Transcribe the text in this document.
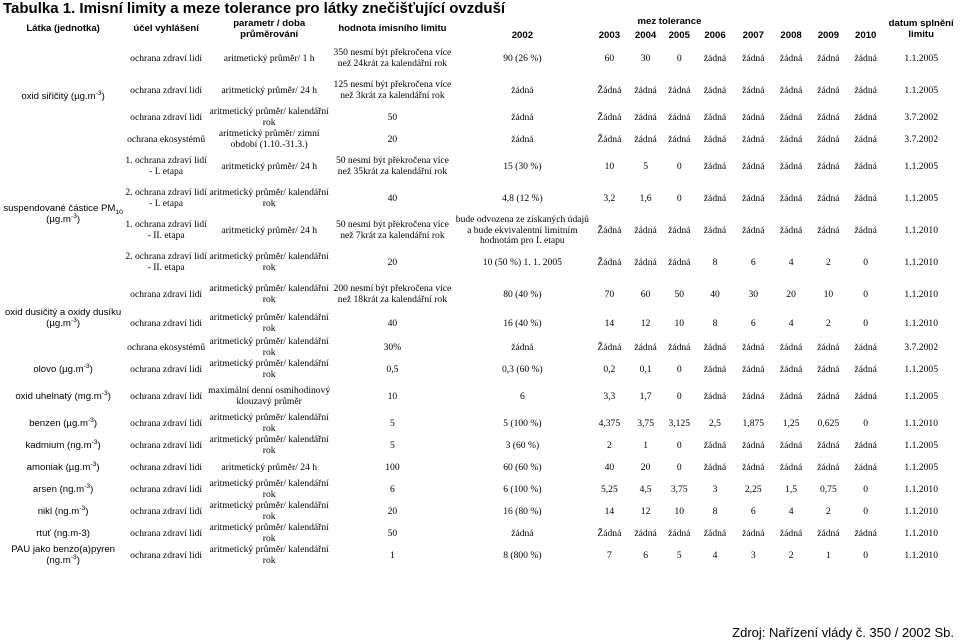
Tabulka 1. Imisní limity a meze tolerance pro látky znečišťující ovzduší
Látka (jednotka)	účel vyhlášení	parametr / doba
průměrování	hodnota imisního limitu	mez tolerance									datum splnění
limitu
				2002	2003	2004	2005	2006	2007	2008	2009	2010	
oxid siřičitý $(\mu g.m^{-3})$	ochrana zdraví lidí	aritmetický průměr/ 1 h	350 nesmí být překročena více než 24krát za kalendářní rok	90 (26 %)	60	30	0	žádná	žádná	žádná	žádná	žádná	1.1.2005
	ochrana zdraví lidí	aritmetický průměr/ 24 h	125 nesmí být překročena více než 3krát za kalendářní rok	žádná	Žádná	žádná	žádná	žádná	žádná	žádná	žádná	žádná	1.1.2005
	ochrana zdraví lidí	aritmetický průměr/ kalendářní rok	50	žádná	Žádná	žádná	žádná	žádná	žádná	žádná	žádná	žádná	3.7.2002
	ochrana ekosystémů	aritmetický průměr/ zimní období (1.10.-31.3.)	20	žádná	Žádná	žádná	žádná	žádná	žádná	žádná	žádná	žádná	3.7.2002
suspendované částice $PM_{10}$ $(\mu g.m^{-3})$	1. ochrana zdraví lidí - I. etapa	aritmetický průměr/ 24 h	50 nesmí být překročena více než 35krát za kalendářní rok	15 (30 %)	10	5	0	žádná	žádná	žádná	žádná	žádná	1.1.2005
	2. ochrana zdraví lidí - I. etapa	aritmetický průměr/ kalendářní rok	40	4,8 (12 %)	3,2	1,6	0	žádná	žádná	žádná	žádná	žádná	1.1.2005
	1. ochrana zdraví lidí - II. etapa	aritmetický průměr/ 24 h	50 nesmí být překročena více než 7krát za kalendářní rok	bude odvozena ze získaných údajů a bude ekvivalentní limitním hodnotám pro I. etapu	Žádná	žádná	žádná	žádná	žádná	žádná	žádná	žádná	1.1.2010
	2. ochrana zdraví lidí - II. etapa	aritmetický průměr/ kalendářní rok	20	10 (50 %) 1. 1. 2005	Žádná	žádná	žádná	8	6	4	2	0	1.1.2010
oxid dusičitý a oxidy dusíku $(\mu g.m^{-3})$	ochrana zdraví lidí	aritmetický průměr/ kalendářní rok	200 nesmí být překročena více než 18krát za kalendářní rok	80 (40 %)	70	60	50	40	30	20	10	0	1.1.2010
	ochrana zdraví lidí	aritmetický průměr/ kalendářní rok	40	16 (40 %)	14	12	10	8	6	4	2	0	1.1.2010
	ochrana ekosystémů	aritmetický průměr/ kalendářní rok	30%	žádná	Žádná	žádná	žádná	žádná	žádná	žádná	žádná	žádná	3.7.2002
olovo $(\mu g.m^{-3})$	ochrana zdraví lidí	aritmetický průměr/ kalendářní rok	0,5	0,3 (60 %)	0,2	0,1	0	žádná	žádná	žádná	žádná	žádná	1.1.2005
oxid uhelnatý $(mg.m^{-3})$	ochrana zdraví lidí	maximální denní osmihodinový klouzavý průměr	10	6	3,3	1,7	0	žádná	žádná	žádná	žádná	žádná	1.1.2005
benzen $(\mu g.m^{-3})$	ochrana zdraví lidí	aritmetický průměr/ kalendářní rok	5	5 (100 %)	4,375	3,75	3,125	2,5	1,875	1,25	0,625	0	1.1.2010
kadmium $(ng.m^{-3})$	ochrana zdraví lidí	aritmetický průměr/ kalendářní rok	5	3 (60 %)	2	1	0	žádná	žádná	žádná	žádná	žádná	1.1.2005
amoniak $(\mu g.m^{-3})$	ochrana zdraví lidí	aritmetický průměr/ 24 h	100	60 (60 %)	40	20	0	žádná	žádná	žádná	žádná	žádná	1.1.2005
arsen $(ng.m^{-3})$	ochrana zdraví lidí	aritmetický průměr/ kalendářní rok	6	6 (100 %)	5,25	4,5	3,75	3	2,25	1,5	0,75	0	1.1.2010
nikl $(ng.m^{-3})$	ochrana zdraví lidí	aritmetický průměr/ kalendářní rok	20	16 (80 %)	14	12	10	8	6	4	2	0	1.1.2010
rtuť (ng.m-3)	ochrana zdraví lidí	aritmetický průměr/ kalendářní rok	50	žádná	Žádná	žádná	žádná	žádná	žádná	žádná	žádná	žádná	1.1.2010
PAU jako benzo(a)pyren $(ng.m^{-3})$	ochrana zdraví lidí	aritmetický průměr/ kalendářní rok	1	8 (800 %)	7	6	5	4	3	2	1	0	1.1.2010
Zdroj: Nařízení vlády č. 350 / 2002 Sb.
